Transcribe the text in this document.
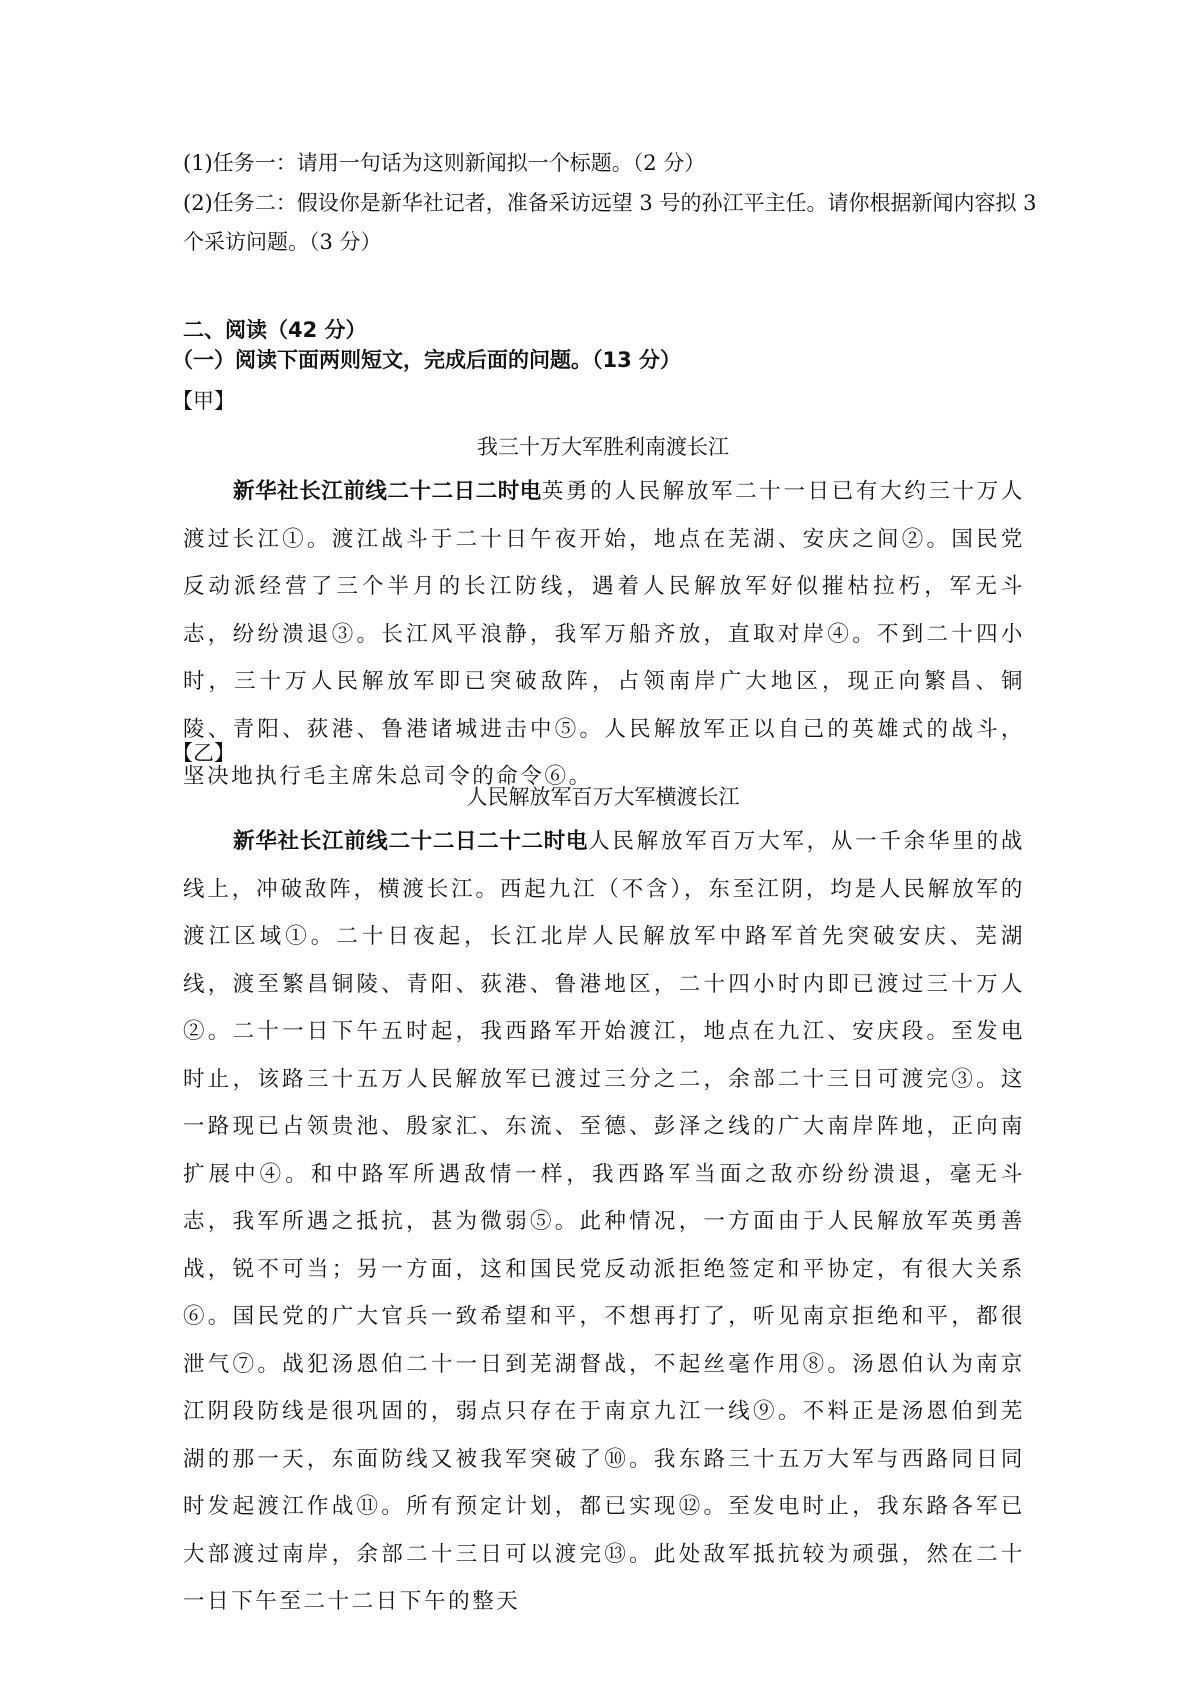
(1)任务一：请用一句话为这则新闻拟一个标题。（2 分）
(2)任务二：假设你是新华社记者，准备采访远望 3 号的孙江平主任。请你根据新闻内容拟 3
个采访问题。（3 分）
二、阅读（42 分）
（一）阅读下面两则短文，完成后面的问题。（13 分）
【甲】
我三十万大军胜利南渡长江
新华社长江前线二十二日二时电英勇的人民解放军二十一日已有大约三十万人渡过长江①。渡江战斗于二十日午夜开始，地点在芜湖、安庆之间②。国民党反动派经营了三个半月的长江防线，遇着人民解放军好似摧枯拉朽，军无斗志，纷纷溃退③。长江风平浪静，我军万船齐放，直取对岸④。不到二十四小时，三十万人民解放军即已突破敌阵，占领南岸广大地区，现正向繁昌、铜陵、青阳、荻港、鲁港诸城进击中⑤。人民解放军正以自己的英雄式的战斗，坚决地执行毛主席朱总司令的命令⑥。
【乙】
人民解放军百万大军横渡长江
新华社长江前线二十二日二十二时电人民解放军百万大军，从一千余华里的战线上，冲破敌阵，横渡长江。西起九江（不含），东至江阴，均是人民解放军的渡江区域①。二十日夜起，长江北岸人民解放军中路军首先突破安庆、芜湖线，渡至繁昌铜陵、青阳、荻港、鲁港地区，二十四小时内即已渡过三十万人②。二十一日下午五时起，我西路军开始渡江，地点在九江、安庆段。至发电时止，该路三十五万人民解放军已渡过三分之二，余部二十三日可渡完③。这一路现已占领贵池、殷家汇、东流、至德、彭泽之线的广大南岸阵地，正向南扩展中④。和中路军所遇敌情一样，我西路军当面之敌亦纷纷溃退，毫无斗志，我军所遇之抵抗，甚为微弱⑤。此种情况，一方面由于人民解放军英勇善战，锐不可当；另一方面，这和国民党反动派拒绝签定和平协定，有很大关系⑥。国民党的广大官兵一致希望和平，不想再打了，听见南京拒绝和平，都很泄气⑦。战犯汤恩伯二十一日到芜湖督战，不起丝毫作用⑧。汤恩伯认为南京江阴段防线是很巩固的，弱点只存在于南京九江一线⑨。不料正是汤恩伯到芜湖的那一天，东面防线又被我军突破了⑩。我东路三十五万大军与西路同日同时发起渡江作战⑪。所有预定计划，都已实现⑫。至发电时止，我东路各军已大部渡过南岸，余部二十三日可以渡完⑬。此处敌军抵抗较为顽强，然在二十一日下午至二十二日下午的整天
